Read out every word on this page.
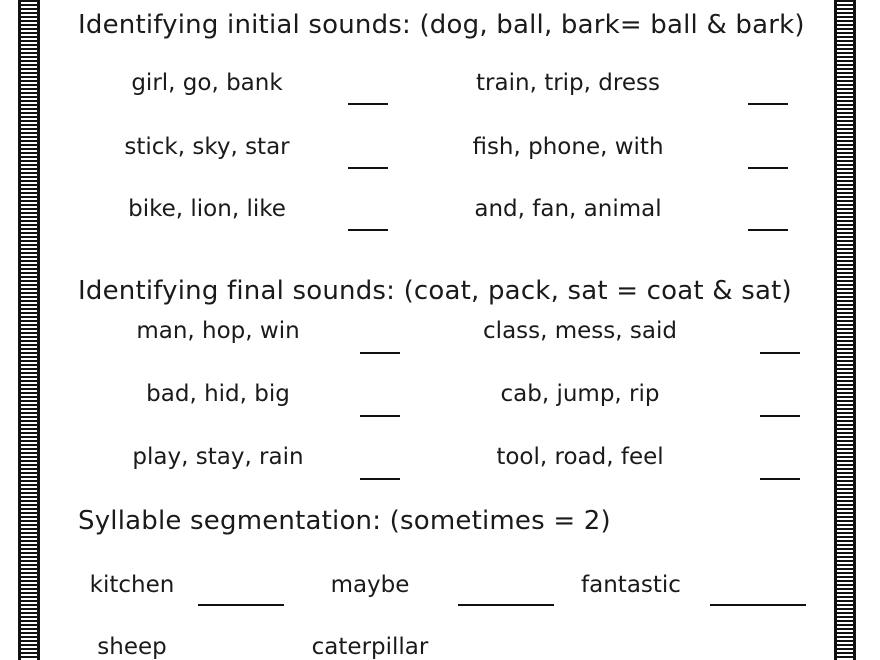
Identifying initial sounds: (dog, ball, bark= ball & bark)
girl, go, bank	train, trip, dress
stick, sky, star	fish, phone, with
bike, lion, like	and, fan, animal
Identifying final sounds: (coat, pack, sat = coat & sat)
man, hop, win	class, mess, said
bad, hid, big	cab, jump, rip
play, stay, rain	tool, road, feel
Syllable segmentation: (sometimes = 2)
kitchen	maybe	fantastic
sheep	caterpillar
